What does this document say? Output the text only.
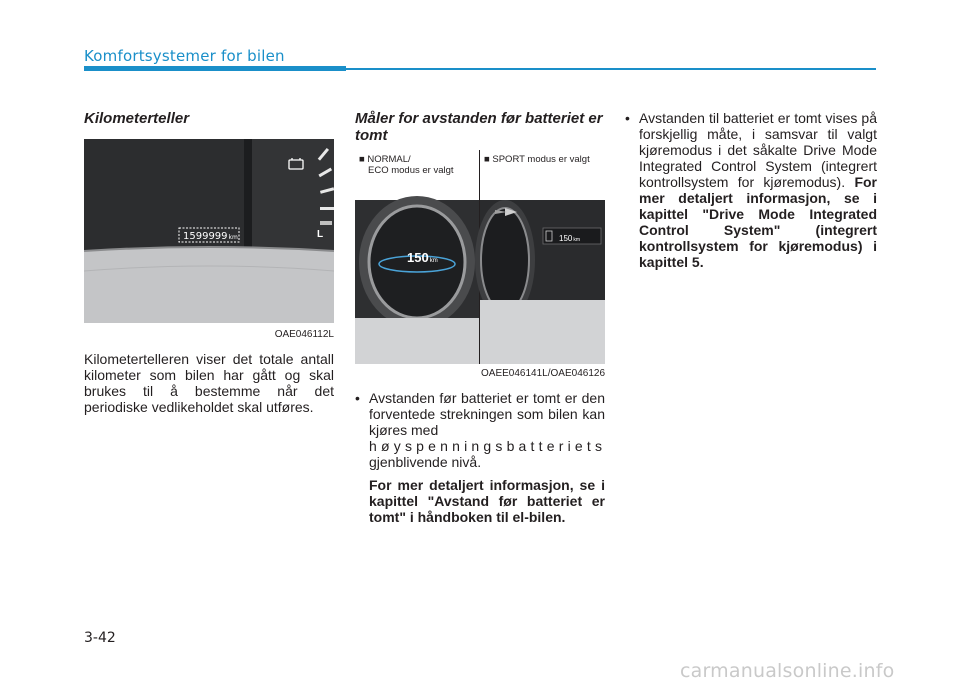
Komfortsystemer for bilen
Kilometerteller
1599999km	L
OAE046112L

Kilometertelleren viser det totale antall kilometer som bilen har gått og skal brukes til å bestemme når det periodiske vedlikeholdet skal utføres.

Måler for avstanden før batteriet er tomt
■ NORMAL/
ECO modus er valgt
■ SPORT modus er valgt
150km
150km
OAEE046141L/OAE046126
• Avstanden før batteriet er tomt er den forventede strekningen som bilen kan kjøres med
høyspenningsbatteriets
gjenblivende nivå.

For mer detaljert informasjon, se i kapittel "Avstand før batteriet er tomt" i håndboken til el-bilen.

• Avstanden til batteriet er tomt vises på forskjellig måte, i samsvar til valgt kjøremodus i det såkalte Drive Mode Integrated Control System (integrert kontrollsystem for kjøremodus). For mer detaljert informasjon, se i kapittel "Drive Mode Integrated Control System" (integrert kontrollsystem for kjøremodus) i kapittel 5.
3-42
carmanualsonline.info
